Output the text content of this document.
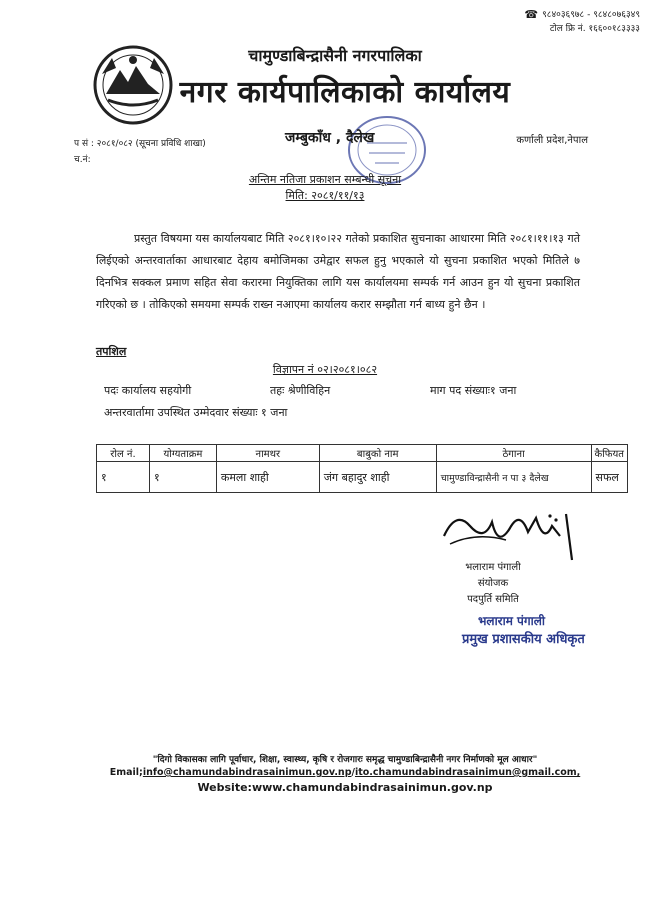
☎ ९८४०३६९७८ - ९८४८०७६३४९
टोल फ्रि नं. १६६००१८३३३३
चामुण्डाबिन्द्रासैनी नगरपालिका
नगर कार्यपालिकाको कार्यालय
जम्बुकाँध , दैलेख	कर्णाली प्रदेश,नेपाल
प सं : २०८१/०८२ (सूचना प्रविधि शाखा)
च.नं:
अन्तिम नतिजा प्रकाशन सम्बन्धी सूचना
मिति: २०८१/११/१३
प्रस्तुत विषयमा यस कार्यालयबाट मिति २०८१।१०।२२ गतेको प्रकाशित सुचनाका आधारमा मिति २०८१।११।१३ गते लिईएको अन्तरवार्ताका आधारबाट देहाय बमोजिमका उमेद्वार सफल हुनु भएकाले यो सुचना प्रकाशित भएको मितिले ७ दिनभित्र सक्कल प्रमाण सहित सेवा करारमा नियुक्तिका लागि यस कार्यालयमा सम्पर्क गर्न आउन हुन यो सुचना प्रकाशित गरिएको छ । तोकिएको समयमा सम्पर्क राख्न नआएमा कार्यालय करार सम्झौता गर्न बाध्य हुने छैन ।
तपशिल
विज्ञापन नं ०२।२०८१।०८२
पदः कार्यालय सहयोगी	तहः श्रेणीविहिन	माग पद संख्याः१ जना
अन्तरवार्तामा उपस्थित उम्मेदवार संख्याः १ जना
रोल नं.	योग्यताक्रम	नामथर	बाबुको नाम	ठेगाना	कैफियत
१	१	कमला शाही	जंग बहादुर शाही	चामुण्डाविन्द्रासैनी न पा ३ दैलेख	सफल
भलाराम पंगाली
संयोजक
पदपुर्ति समिति
भलाराम पंगाली
प्रमुख प्रशासकीय अधिकृत
"दिगो विकासका लागि पूर्वाधार, शिक्षा, स्वास्थ्य, कृषि र रोजगारः समृद्ध चामुण्डाबिन्द्रासैनी नगर निर्माणको मूल आधार"
Email;info@chamundabindrasainimun.gov.np/ito.chamundabindrasainimun@gmail.com,
Website:www.chamundabindrasainimun.gov.np
